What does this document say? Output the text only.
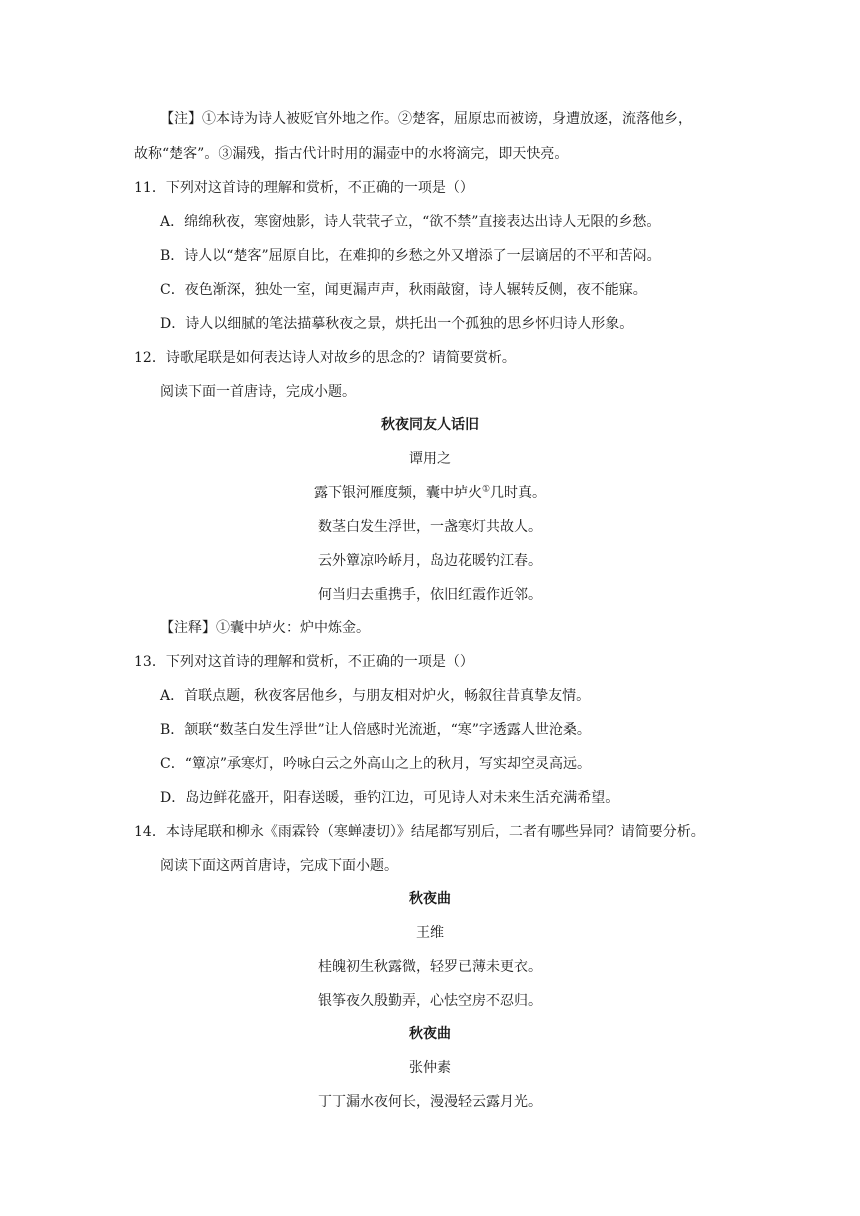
【注】①本诗为诗人被贬官外地之作。②楚客，屈原忠而被谤，身遭放逐，流落他乡，
故称“楚客”。③漏残，指古代计时用的漏壶中的水将滴完，即天快亮。
11．下列对这首诗的理解和赏析，不正确的一项是（）
A．绵绵秋夜，寒窗烛影，诗人茕茕孑立，“欲不禁”直接表达出诗人无限的乡愁。
B．诗人以“楚客”屈原自比，在难抑的乡愁之外又增添了一层谪居的不平和苦闷。
C．夜色渐深，独处一室，闻更漏声声，秋雨敲窗，诗人辗转反侧，夜不能寐。
D．诗人以细腻的笔法描摹秋夜之景，烘托出一个孤独的思乡怀归诗人形象。
12．诗歌尾联是如何表达诗人对故乡的思念的？请简要赏析。
阅读下面一首唐诗，完成小题。
秋夜同友人话旧
谭用之
露下银河雁度频，囊中垆火①几时真。
数茎白发生浮世，一盏寒灯共故人。
云外簟凉吟峤月，岛边花暖钓江春。
何当归去重携手，依旧红霞作近邻。
【注释】①囊中垆火：炉中炼金。
13．下列对这首诗的理解和赏析，不正确的一项是（）
A．首联点题，秋夜客居他乡，与朋友相对炉火，畅叙往昔真挚友情。
B．颔联“数茎白发生浮世”让人倍感时光流逝，“寒”字透露人世沧桑。
C．“簟凉”承寒灯，吟咏白云之外高山之上的秋月，写实却空灵高远。
D．岛边鲜花盛开，阳春送暖，垂钓江边，可见诗人对未来生活充满希望。
14．本诗尾联和柳永《雨霖铃（寒蝉凄切）》结尾都写别后，二者有哪些异同？请简要分析。
阅读下面这两首唐诗，完成下面小题。
秋夜曲
王维
桂魄初生秋露微，轻罗已薄未更衣。
银筝夜久殷勤弄，心怯空房不忍归。
秋夜曲
张仲素
丁丁漏水夜何长，漫漫轻云露月光。
